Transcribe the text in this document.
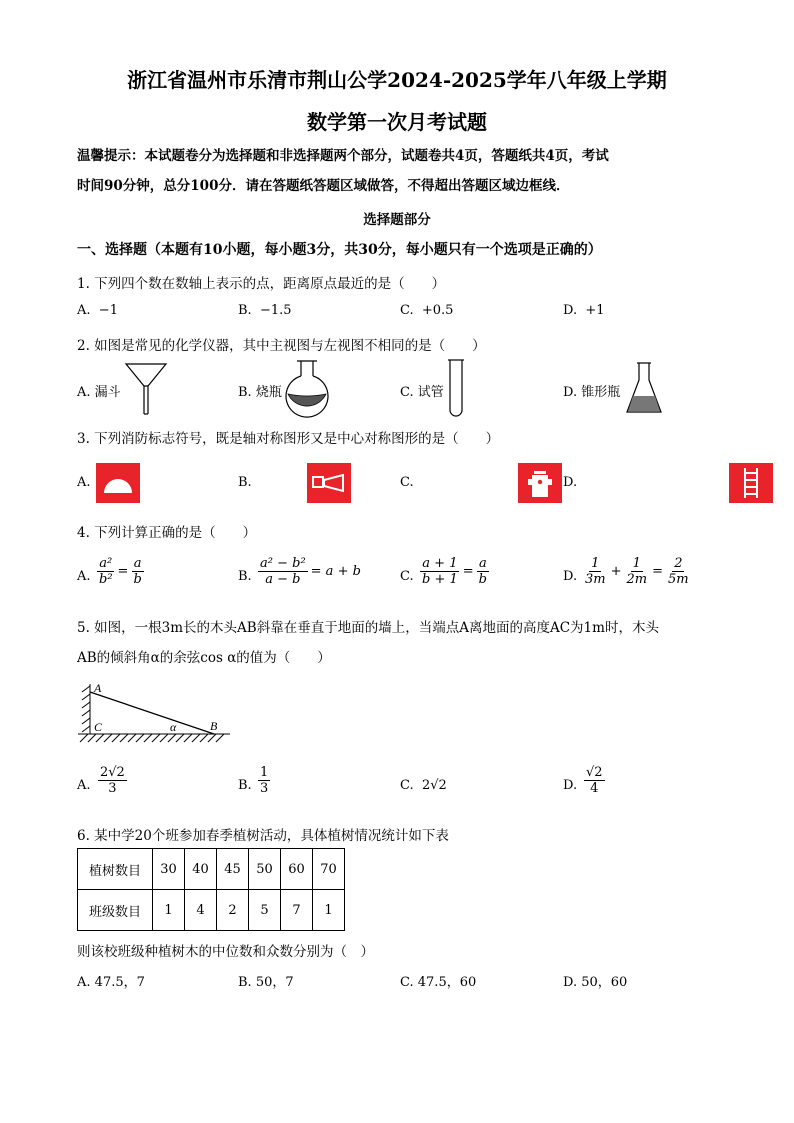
浙江省温州市乐清市荆山公学2024-2025学年八年级上学期
数学第一次月考试题
温馨提示：本试题卷分为选择题和非选择题两个部分，试题卷共4页，答题纸共4页，考试
时间90分钟，总分100分．请在答题纸答题区域做答，不得超出答题区域边框线．
选择题部分
一、选择题（本题有10小题，每小题3分，共30分，每小题只有一个选项是正确的）
1. 下列四个数在数轴上表示的点，距离原点最近的是（　　）
A. −1	B. −1.5	C. +0.5	D. +1
2. 如图是常见的化学仪器，其中主视图与左视图不相同的是（　　）
A. 漏斗	B. 烧瓶	C. 试管	D. 锥形瓶
3. 下列消防标志符号，既是轴对称图形又是中心对称图形的是（　　）
A.
	B.
	C.
	D.
4. 下列计算正确的是（　　）
A. $\frac{\text{a²}}{\text{b²}} = \frac{a}{b}$	B. $\frac{\text{a² − b²}}{a - b} = a + b$	C. $\frac{a + 1}{b + 1} = \frac{a}{b}$	D. $\frac{1}{3m} + \frac{1}{2m} = \frac{2}{5m}$
5. 如图，一根3m长的木头AB斜靠在垂直于地面的墙上，当端点A离地面的高度AC为1m时，木头
AB的倾斜角α的余弦cos α的值为（　　）
A
C	α	B
A. $\frac{2√2}{3}$	B. $\frac{1}{3}$	C. 2√2	D. $\frac{√2}{4}$
6. 某中学20个班参加春季植树活动，具体植树情况统计如下表
植树数目	30	40	45	50	60	70
班级数目	1	4	2	5	7	1
则该校班级种植树木的中位数和众数分别为（　）
A. 47.5，7	B. 50，7	C. 47.5，60	D. 50，60
